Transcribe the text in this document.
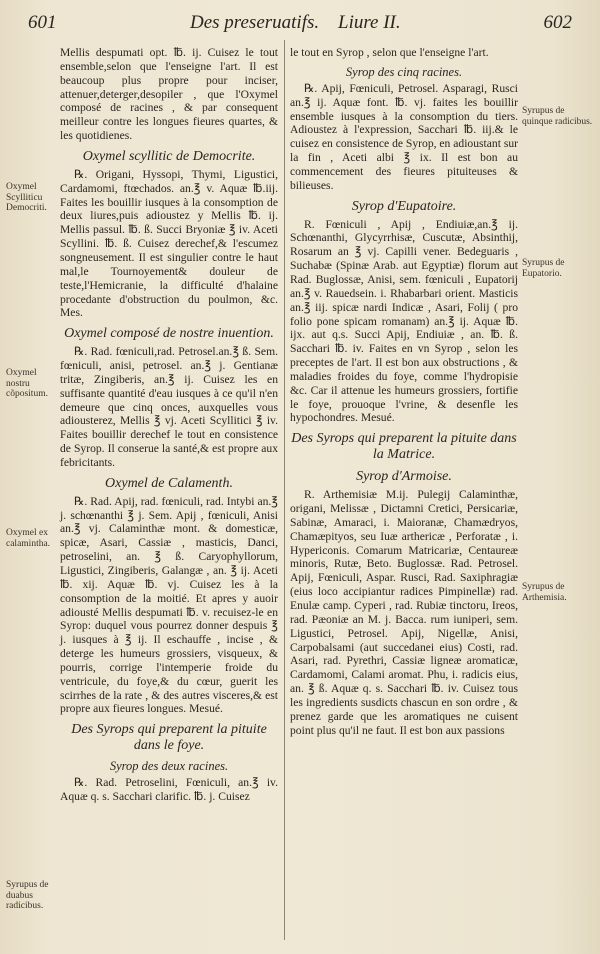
601	Des preseruatifs. Liure II.	602

Mellis despumati opt. ℔. ij. Cuisez le tout ensemble,selon que l'enseigne l'art. Il est beaucoup plus propre pour inciser, attenuer,deterger,desopiler , que l'Oxymel composé de racines , & par consequent meilleur contre les longues fieures quartes, & les quotidienes.

Oxymel scyllitic de Democrite.

℞. Origani, Hyssopi, Thymi, Ligustici, Cardamomi, ftœchados. an.℥ v. Aquæ ℔.iij. Faites les bouillir iusques à la consomption de deux liures,puis adioustez y Mellis ℔. ij. Mellis passul. ℔. ß. Succi Bryoniæ ℥ iv. Aceti Scyllini. ℔. ß. Cuisez derechef,& l'escumez songneusement. Il est singulier contre le haut mal,le Tournoyement& douleur de teste,l'Hemicranie, la difficulté d'halaine procedante d'obstruction du poulmon, &c. Mes.

Oxymel composé de nostre inuention.

℞. Rad. fœniculi,rad. Petrosel.an.℥ ß. Sem. fœniculi, anisi, petrosel. an.℥ j. Gentianæ tritæ, Zingiberis, an.℥ ij. Cuisez les en suffisante quantité d'eau iusques à ce qu'il n'en demeure que cinq onces, auxquelles vous adiousterez, Mellis ℥ vj. Aceti Scyllitici ℥ iv. Faites bouillir derechef le tout en consistence de Syrop. Il conserue la santé,& est propre aux febricitants.

Oxymel de Calamenth.

℞. Rad. Apij, rad. fœniculi, rad. Intybi an.℥ j. schœnanthi ℥ j. Sem. Apij , fœniculi, Anisi an.℥ vj. Calaminthæ mont. & domesticæ, spicæ, Asari, Cassiæ , masticis, Danci, petroselini, an. ℥ ß. Caryophyllorum, Ligustici, Zingiberis, Galangæ , an. ℥ ij. Aceti ℔. xij. Aquæ ℔. vj. Cuisez les à la consomption de la moitié. Et apres y auoir adiousté Mellis despumati ℔. v. recuisez-le en Syrop: duquel vous pourrez donner despuis ℥ j. iusques à ℥ ij. Il eschauffe , incise , & deterge les humeurs grossiers, visqueux, & pourris, corrige l'intemperie froide du ventricule, du foye,& du cœur, guerit les scirrhes de la rate , & des autres visceres,& est propre aux fieures longues. Mesué.

Des Syrops qui preparent la pituite dans le foye.
Syrop des deux racines.

℞. Rad. Petroselini, Fœniculi, an.℥ iv. Aquæ q. s. Sacchari clarific. ℔. j. Cuisez

le tout en Syrop , selon que l'enseigne l'art.

Syrop des cinq racines.

℞. Apij, Fœniculi, Petrosel. Asparagi, Rusci an.℥ ij. Aquæ font. ℔. vj. faites les bouillir ensemble iusques à la consomption du tiers. Adioustez à l'expression, Sacchari ℔. iij.& le cuisez en consistence de Syrop, en adioustant sur la fin , Aceti albi ℥ ix. Il est bon au commencement des fieures pituiteuses & bilieuses.

Syrop d'Eupatoire.

R. Fœniculi , Apij , Endiuiæ,an.℥ ij. Schœnanthi, Glycyrrhisæ, Cuscutæ, Absinthij, Rosarum an ℥ vj. Capilli vener. Bedeguaris , Suchabæ (Spinæ Arab. aut Egyptiæ) florum aut Rad. Buglossæ, Anisi, sem. fœniculi , Eupatorij an.℥ v. Rauedsein. i. Rhabarbari orient. Masticis an.℥ iij. spicæ nardi Indicæ , Asari, Folij ( pro folio pone spicam romanam) an.℥ ij. Aquæ ℔. ijx. aut q.s. Succi Apij, Endiuiæ , an. ℔. ß. Sacchari ℔. iv. Faites en vn Syrop , selon les preceptes de l'art. Il est bon aux obstructions , & maladies froides du foye, comme l'hydropisie &c. Car il attenue les humeurs grossiers, fortifie le foye, prouoque l'vrine, & desenfle les hypochondres. Mesué.

Des Syrops qui preparent la pituite dans la Matrice.
Syrop d'Armoise.

R. Arthemisiæ M.ij. Pulegij Calaminthæ, origani, Melissæ , Dictamni Cretici, Persicariæ, Sabinæ, Amaraci, i. Maioranæ, Chamædryos, Chamæpityos, seu Iuæ arthericæ , Perforatæ , i. Hypericonis. Comarum Matricariæ, Centaureæ minoris, Rutæ, Beto. Buglossæ. Rad. Petrosel. Apij, Fœniculi, Aspar. Rusci, Rad. Saxiphragiæ (eius loco accipiantur radices Pimpinellæ) rad. Enulæ camp. Cyperi , rad. Rubiæ tinctoru, Ireos, rad. Pæoniæ an M. j. Bacca. rum iuniperi, sem. Ligustici, Petrosel. Apij, Nigellæ, Anisi, Carpobalsami (aut succedanei eius) Costi, rad. Asari, rad. Pyrethri, Cassiæ ligneæ aromaticæ, Cardamomi, Calami aromat. Phu, i. radicis eius, an. ℥ ß. Aquæ q. s. Sacchari ℔. iv. Cuisez tous les ingredients susdicts chascun en son ordre , & prenez garde que les aromatiques ne cuisent point plus qu'il ne faut. Il est bon aux passions

Oxymel Scylliticu Democriti.
Oxymel nostru cõpositum.
Oxymel ex calamintha.
Syrupus de duabus radicibus.
Syrupus de quinque radicibus.
Syrupus de Eupatorio.
Syrupus de Arthemisia.
